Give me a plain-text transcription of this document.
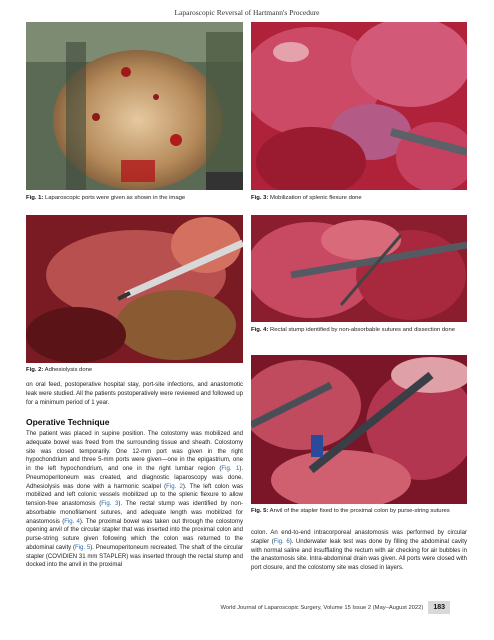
Laparoscopic Reversal of Hartmann's Procedure
Fig. 1: Laparoscopic ports were given as shown in the image	Fig. 3: Mobilization of splenic flexure done
Fig. 2: Adhesiolysis done
Fig. 4: Rectal stump identified by non-absorbable sutures and dissection done
Fig. 5: Anvil of the stapler fixed to the proximal colon by purse-string sutures

on oral feed, postoperative hospital stay, port-site infections, and anastomotic leak were studied. All the patients postoperatively were reviewed and followed up for a minimum period of 1 year.

Operative Technique

The patient was placed in supine position. The colostomy was mobilized and adequate bowel was freed from the surrounding tissue and sheath. Colostomy site was closed temporarily. One 12-mm port was given in the right hypochondrium and three 5-mm ports were given—one in the epigastrium, one in the left hypochondrium, and one in the right lumbar region (Fig. 1). Pneumoperitoneum was created, and diagnostic laparoscopy was done. Adhesiolysis was done with a harmonic scalpel (Fig. 2). The left colon was mobilized and left colonic vessels mobilized up to the splenic flexure to allow tension-free anastomosis (Fig. 3). The rectal stump was identified by non-absorbable monofilament sutures, and adequate length was mobilized for anastomosis (Fig. 4). The proximal bowel was taken out through the colostomy opening anvil of the circular stapler that was inserted into the proximal colon and purse-string suture given following which the colon was returned to the abdominal cavity (Fig. 5). Pneumoperitoneum recreated. The shaft of the circular stapler (COVIDIEN 31 mm STAPLER) was inserted through the rectal stump and docked into the anvil in the proximal

colon. An end-to-end intracorporeal anastomosis was performed by circular stapler (Fig. 6). Underwater leak test was done by filling the abdominal cavity with normal saline and insufflating the rectum with air checking for air bubbles in the anastomosis site. Intra-abdominal drain was given. All ports were closed with port closure, and the colostomy site was closed in layers.

World Journal of Laparoscopic Surgery, Volume 15 Issue 2 (May–August 2022)	183
